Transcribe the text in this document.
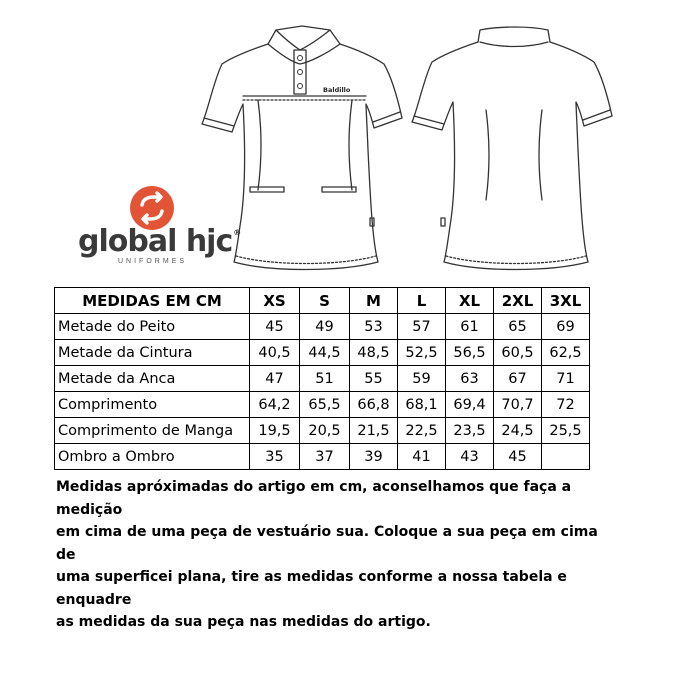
Baldillo
global hjc®
UNIFORMES
MEDIDAS EM CM	XS	S	M	L	XL	2XL	3XL
Metade do Peito	45	49	53	57	61	65	69
Metade da Cintura	40,5	44,5	48,5	52,5	56,5	60,5	62,5
Metade da Anca	47	51	55	59	63	67	71
Comprimento	64,2	65,5	66,8	68,1	69,4	70,7	72
Comprimento de Manga	19,5	20,5	21,5	22,5	23,5	24,5	25,5
Ombro a Ombro	35	37	39	41	43	45	
Medidas apróximadas do artigo em cm, aconselhamos que faça a medição
em cima de uma peça de vestuário sua. Coloque a sua peça em cima de
uma superficei plana, tire as medidas conforme a nossa tabela e enquadre
as medidas da sua peça nas medidas do artigo.
